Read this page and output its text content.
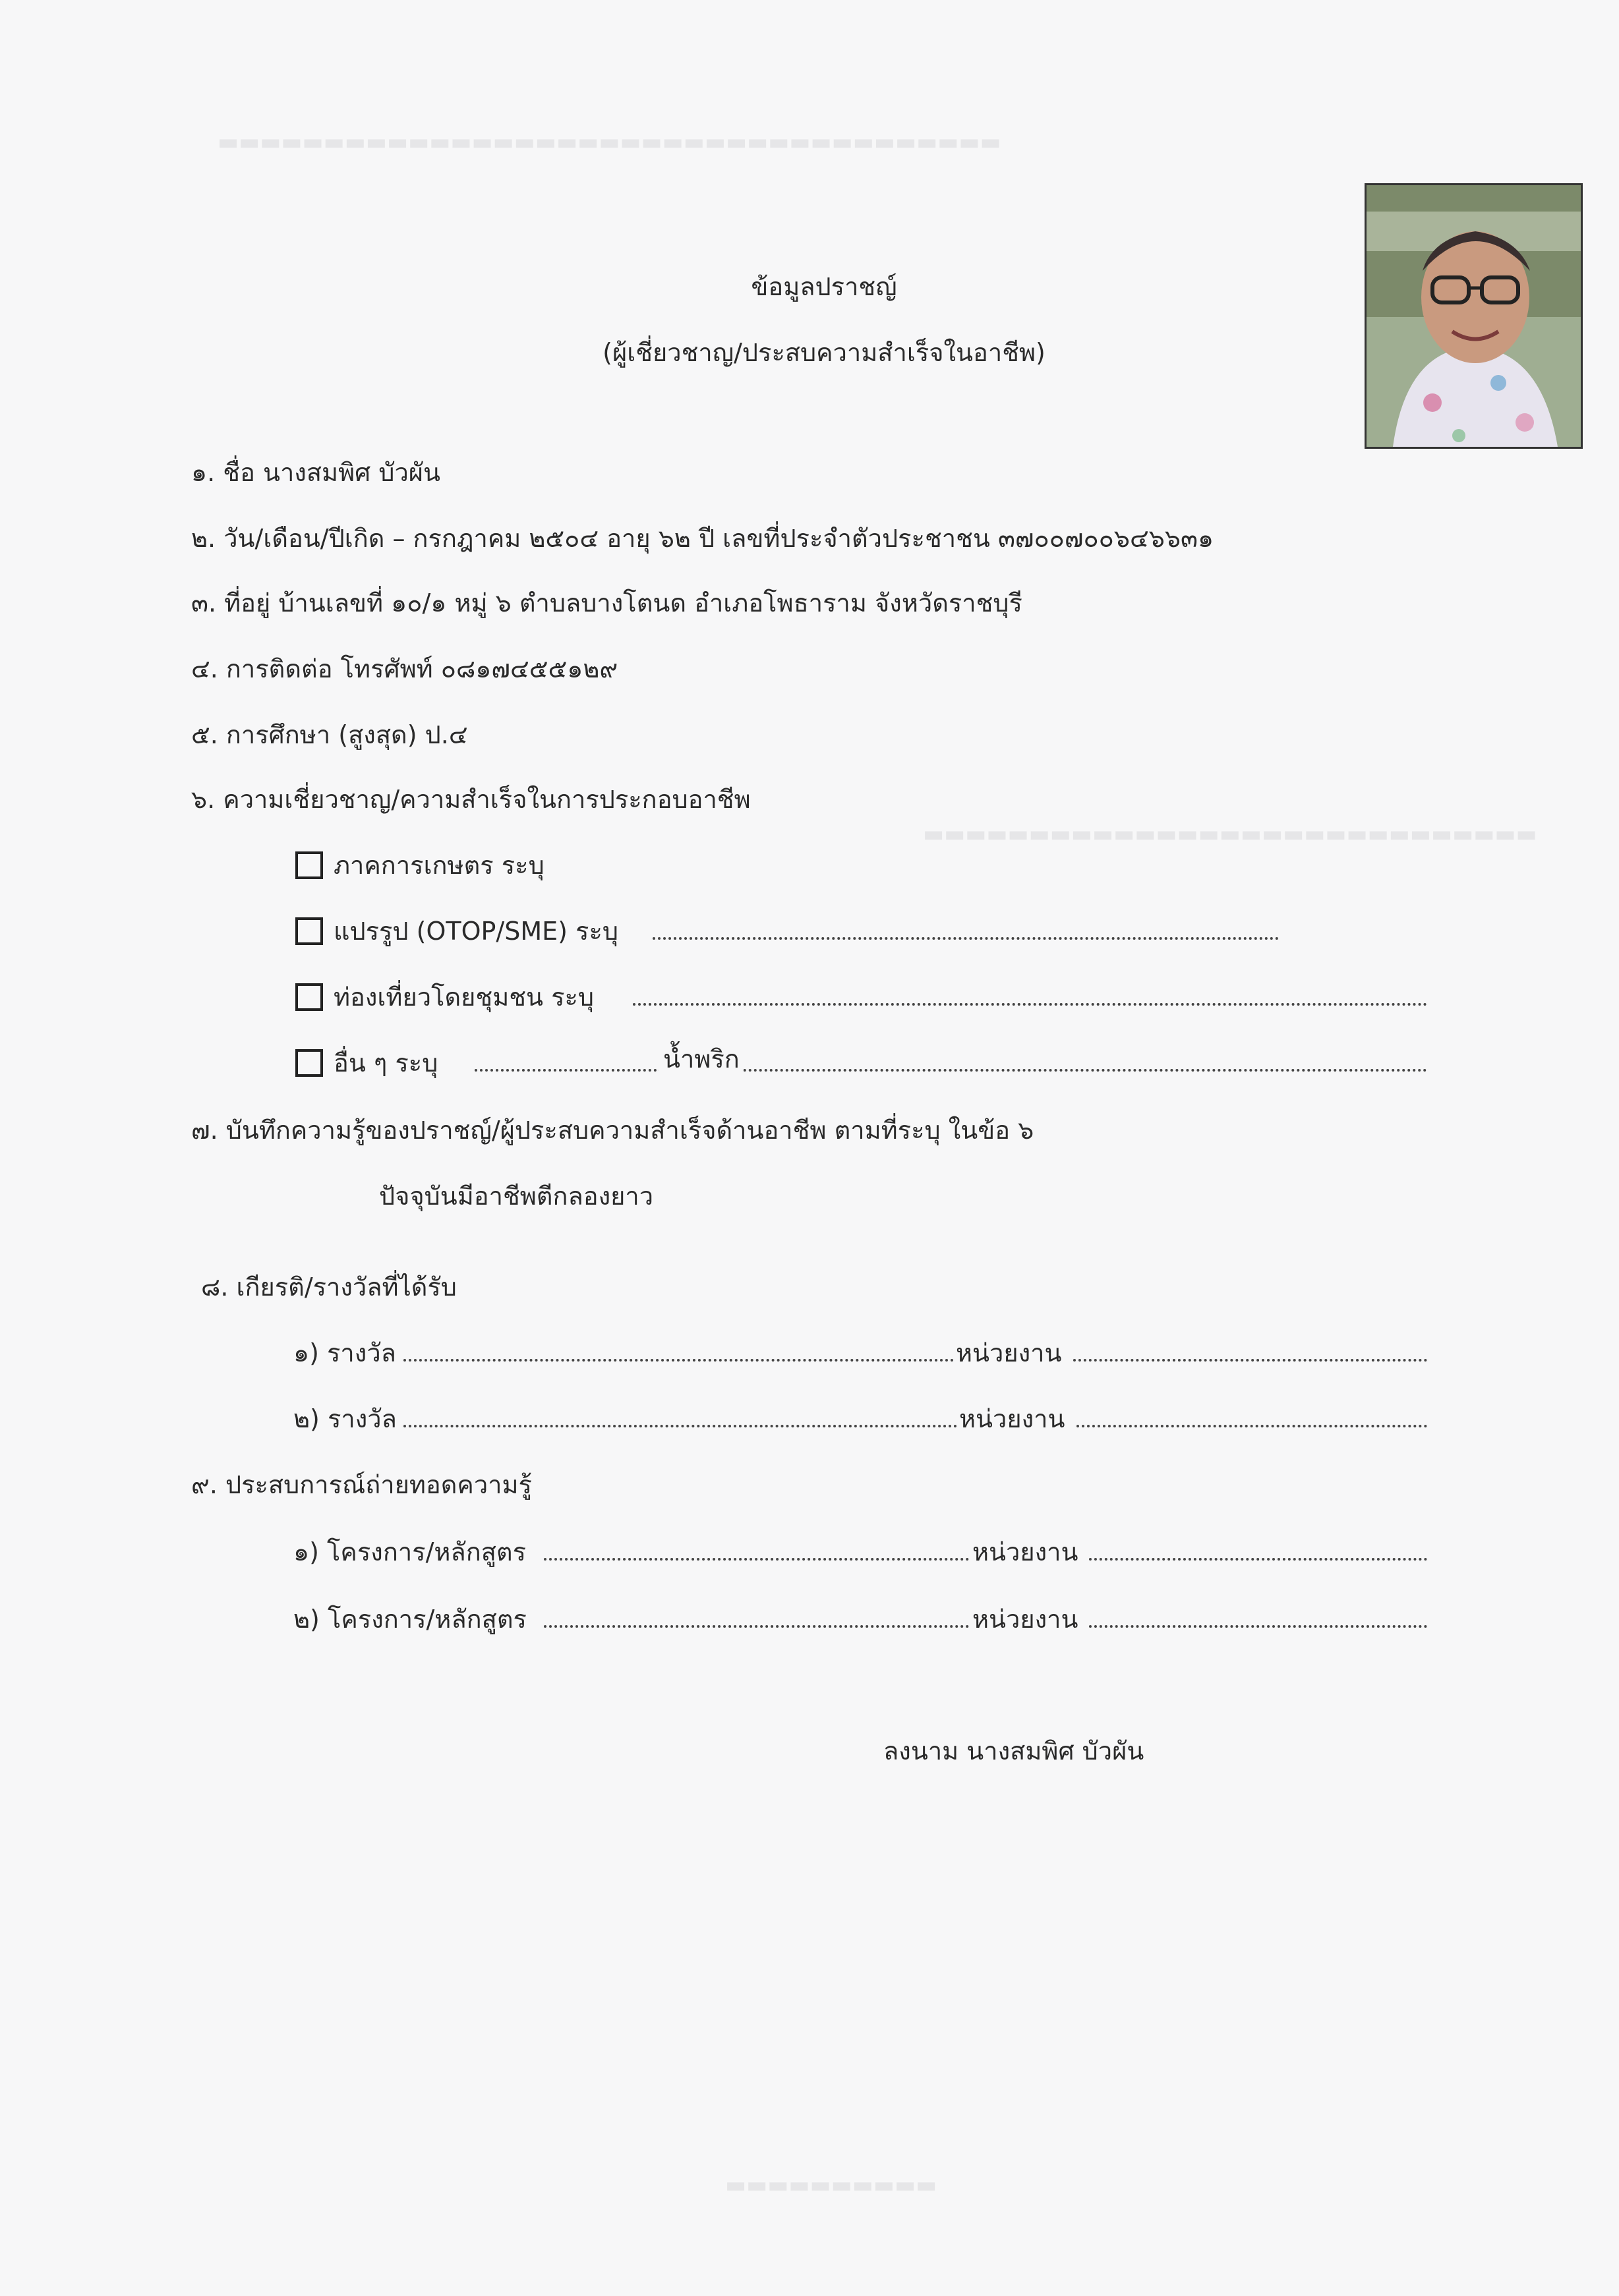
▬▬▬▬▬▬▬▬▬▬▬▬▬▬▬▬▬▬▬▬▬▬▬▬▬▬▬▬▬▬▬▬▬▬▬▬▬
▬▬▬▬▬▬▬▬▬▬▬▬▬▬▬▬▬▬▬▬▬▬▬▬▬▬▬▬▬
▬▬▬▬▬▬▬▬▬▬
ข้อมูลปราชญ์
(ผู้เชี่ยวชาญ/ประสบความสำเร็จในอาชีพ)
๑. ชื่อ นางสมพิศ บัวผัน
๒. วัน/เดือน/ปีเกิด – กรกฎาคม ๒๕๐๔ อายุ ๖๒ ปี เลขที่ประจำตัวประชาชน ๓๗๐๐๗๐๐๖๔๖๖๓๑
๓. ที่อยู่ บ้านเลขที่ ๑๐/๑ หมู่ ๖ ตำบลบางโตนด อำเภอโพธาราม จังหวัดราชบุรี
๔. การติดต่อ โทรศัพท์ ๐๘๑๗๔๕๕๑๒๙
๕. การศึกษา (สูงสุด) ป.๔
๖. ความเชี่ยวชาญ/ความสำเร็จในการประกอบอาชีพ
ภาคการเกษตร ระบุ
แปรรูป (OTOP/SME) ระบุ
ท่องเที่ยวโดยชุมชน ระบุ
อื่น ๆ ระบุ	น้ำพริก
๗. บันทึกความรู้ของปราชญ์/ผู้ประสบความสำเร็จด้านอาชีพ ตามที่ระบุ ในข้อ ๖
ปัจจุบันมีอาชีพตีกลองยาว
๘. เกียรติ/รางวัลที่ได้รับ
๑) รางวัล	หน่วยงาน
๒) รางวัล	หน่วยงาน
๙. ประสบการณ์ถ่ายทอดความรู้
๑) โครงการ/หลักสูตร	หน่วยงาน
๒) โครงการ/หลักสูตร	หน่วยงาน
ลงนาม นางสมพิศ บัวผัน
